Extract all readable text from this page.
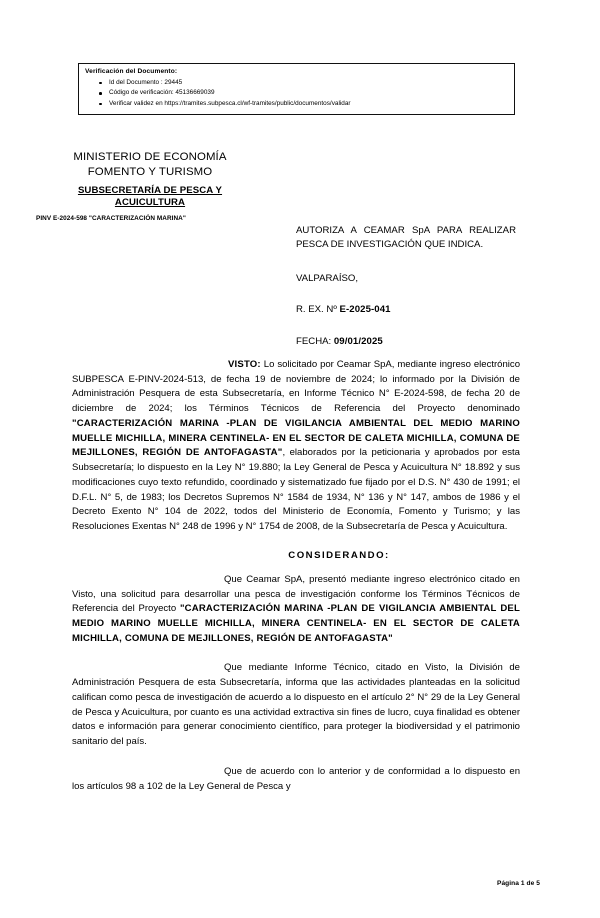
Verificación del Documento:
Id del Documento : 29445
Código de verificación: 45136669039
Verificar validez en https://tramites.subpesca.cl/wf-tramites/public/documentos/validar
MINISTERIO DE ECONOMÍA
FOMENTO Y TURISMO
SUBSECRETARÍA DE PESCA Y
ACUICULTURA
PINV E-2024-598 "CARACTERIZACIÓN MARINA"
AUTORIZA A CEAMAR SpA PARA REALIZAR PESCA DE INVESTIGACIÓN QUE INDICA.
VALPARAÍSO,
R. EX. Nº E-2025-041
FECHA: 09/01/2025

VISTO: Lo solicitado por Ceamar SpA, mediante ingreso electrónico SUBPESCA E-PINV-2024-513, de fecha 19 de noviembre de 2024; lo informado por la División de Administración Pesquera de esta Subsecretaría, en Informe Técnico N° E-2024-598, de fecha 20 de diciembre de 2024; los Términos Técnicos de Referencia del Proyecto denominado "CARACTERIZACIÓN MARINA -PLAN DE VIGILANCIA AMBIENTAL DEL MEDIO MARINO MUELLE MICHILLA, MINERA CENTINELA- EN EL SECTOR DE CALETA MICHILLA, COMUNA DE MEJILLONES, REGIÓN DE ANTOFAGASTA", elaborados por la peticionaria y aprobados por esta Subsecretaría; lo dispuesto en la Ley N° 19.880; la Ley General de Pesca y Acuicultura N° 18.892 y sus modificaciones cuyo texto refundido, coordinado y sistematizado fue fijado por el D.S. N° 430 de 1991; el D.F.L. N° 5, de 1983; los Decretos Supremos N° 1584 de 1934, N° 136 y N° 147, ambos de 1986 y el Decreto Exento N° 104 de 2022, todos del Ministerio de Economía, Fomento y Turismo; y las Resoluciones Exentas N° 248 de 1996 y N° 1754 de 2008, de la Subsecretaría de Pesca y Acuicultura.

CONSIDERANDO:

Que Ceamar SpA, presentó mediante ingreso electrónico citado en Visto, una solicitud para desarrollar una pesca de investigación conforme los Términos Técnicos de Referencia del Proyecto "CARACTERIZACIÓN MARINA -PLAN DE VIGILANCIA AMBIENTAL DEL MEDIO MARINO MUELLE MICHILLA, MINERA CENTINELA- EN EL SECTOR DE CALETA MICHILLA, COMUNA DE MEJILLONES, REGIÓN DE ANTOFAGASTA"

Que mediante Informe Técnico, citado en Visto, la División de Administración Pesquera de esta Subsecretaría, informa que las actividades planteadas en la solicitud califican como pesca de investigación de acuerdo a lo dispuesto en el artículo 2° N° 29 de la Ley General de Pesca y Acuicultura, por cuanto es una actividad extractiva sin fines de lucro, cuya finalidad es obtener datos e información para generar conocimiento científico, para proteger la biodiversidad y el patrimonio sanitario del país.

Que de acuerdo con lo anterior y de conformidad a lo dispuesto en los artículos 98 a 102 de la Ley General de Pesca y

Página 1 de 5
